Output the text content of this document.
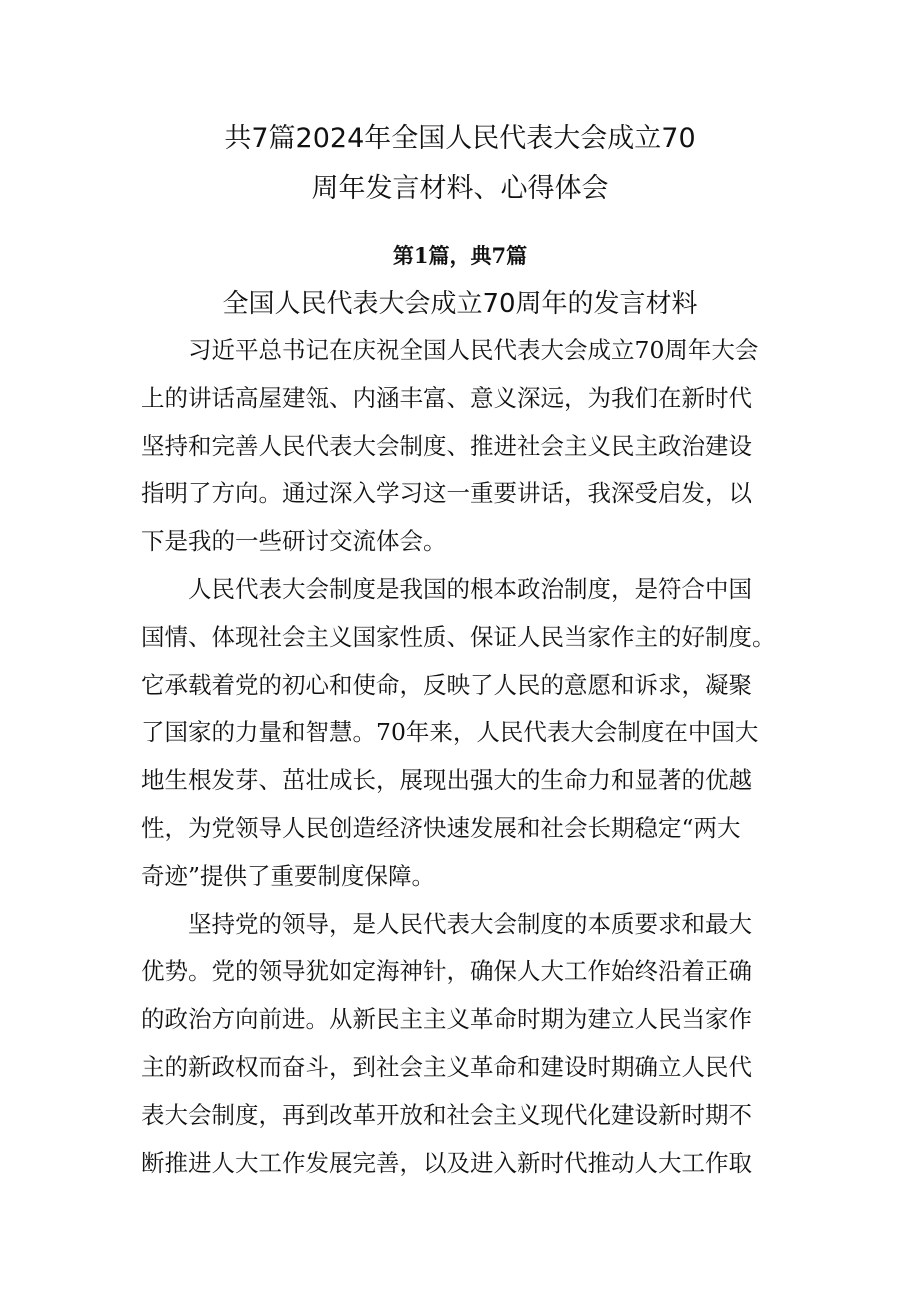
共7篇2024年全国人民代表大会成立70
周年发言材料、心得体会
第1篇，典7篇
全国人民代表大会成立70周年的发言材料
习近平总书记在庆祝全国人民代表大会成立70周年大会
上的讲话高屋建瓴、内涵丰富、意义深远，为我们在新时代
坚持和完善人民代表大会制度、推进社会主义民主政治建设
指明了方向。通过深入学习这一重要讲话，我深受启发，以
下是我的一些研讨交流体会。
人民代表大会制度是我国的根本政治制度，是符合中国
国情、体现社会主义国家性质、保证人民当家作主的好制度。
它承载着党的初心和使命，反映了人民的意愿和诉求，凝聚
了国家的力量和智慧。70年来，人民代表大会制度在中国大
地生根发芽、茁壮成长，展现出强大的生命力和显著的优越
性，为党领导人民创造经济快速发展和社会长期稳定“两大
奇迹”提供了重要制度保障。
坚持党的领导，是人民代表大会制度的本质要求和最大
优势。党的领导犹如定海神针，确保人大工作始终沿着正确
的政治方向前进。从新民主主义革命时期为建立人民当家作
主的新政权而奋斗，到社会主义革命和建设时期确立人民代
表大会制度，再到改革开放和社会主义现代化建设新时期不
断推进人大工作发展完善，以及进入新时代推动人大工作取
